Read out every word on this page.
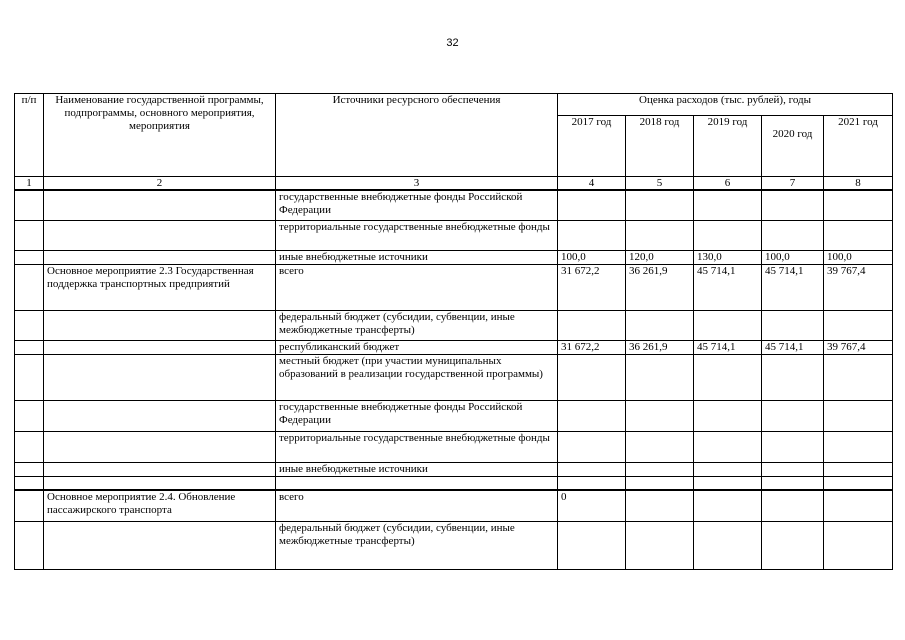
32
п/п	Наименование государственной программы, подпрограммы, основного мероприятия, мероприятия	Источники ресурсного обеспечения	Оценка расходов (тыс. рублей), годы				
			2017 год	2018 год	2019 год	2020 год	2021 год
1	2	3	4	5	6	7	8
		государственные внебюджетные фонды Российской Федерации					
		территориальные государственные внебюджетные фонды					
		иные внебюджетные источники	100,0	120,0	130,0	100,0	100,0
	Основное мероприятие 2.3 Государственная поддержка транспортных предприятий	всего	31 672,2	36 261,9	45 714,1	45 714,1	39 767,4
		федеральный бюджет (субсидии, субвенции, иные межбюджетные трансферты)					
		республиканский бюджет	31 672,2	36 261,9	45 714,1	45 714,1	39 767,4
		местный бюджет (при участии муниципальных образований в реализации государственной программы)					
		государственные внебюджетные фонды Российской Федерации					
		территориальные государственные внебюджетные фонды					
		иные внебюджетные источники					

	Основное мероприятие 2.4. Обновление пассажирского транспорта	всего	0				
		федеральный бюджет (субсидии, субвенции, иные межбюджетные трансферты)					
